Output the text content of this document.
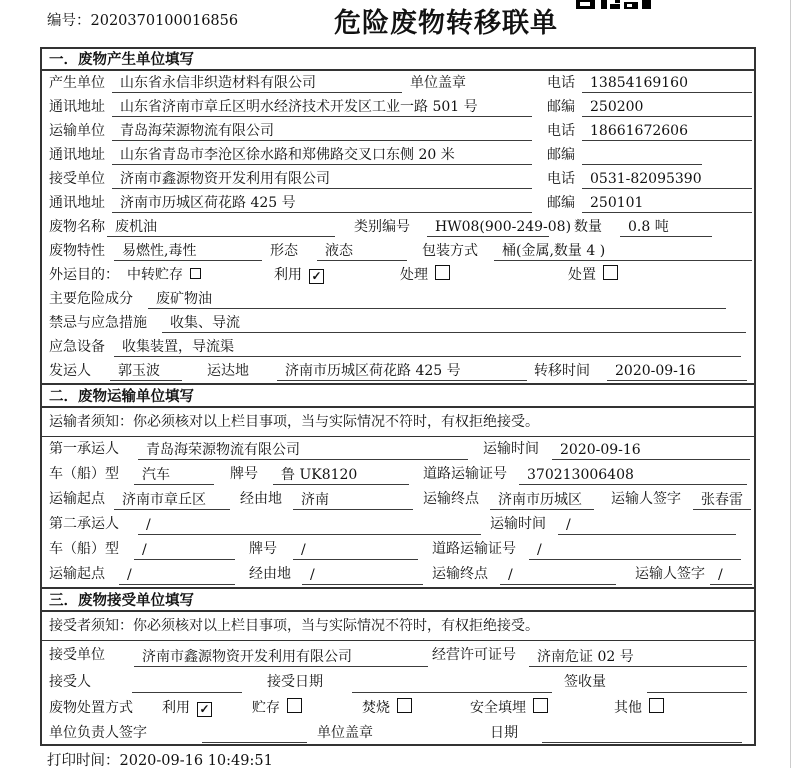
编号：2020370100016856	危险废物转移联单
一．废物产生单位填写
产生单位	山东省永信非织造材料有限公司	单位盖章	电话	13854169160
通讯地址	山东省济南市章丘区明水经济技术开发区工业一路 501 号	邮编	250200
运输单位	青岛海荣源物流有限公司	电话	18661672606
通讯地址	山东省青岛市李沧区徐水路和郑佛路交叉口东侧 20 米	邮编
接受单位	济南市鑫源物资开发利用有限公司	电话	0531-82095390
通讯地址	济南市历城区荷花路 425 号	邮编	250101
废物名称 废机油	类别编号	HW08(900-249-08) 数量	0.8 吨
废物特性	易燃性,毒性	形态	液态	包装方式	桶(金属,数量 4 )
外运目的： 中转贮存	利用 ✓	处理	处置
主要危险成分	废矿物油
禁忌与应急措施	收集、导流
应急设备	收集装置，导流渠
发运人	郭玉波	运达地	济南市历城区荷花路 425 号	转移时间	2020-09-16
二．废物运输单位填写
运输者须知：你必须核对以上栏目事项，当与实际情况不符时，有权拒绝接受。
第一承运人	青岛海荣源物流有限公司	运输时间	2020-09-16
车（船）型	汽车	牌号	鲁 UK8120	道路运输证号	370213006408
运输起点	济南市章丘区	经由地	济南	运输终点	济南市历城区	运输人签字	张春雷
第二承运人	/	运输时间	/
车（船）型	/	牌号	/	道路运输证号	/
运输起点	/	经由地	/	运输终点	/	运输人签字 /
三．废物接受单位填写
接受者须知：你必须核对以上栏目事项，当与实际情况不符时，有权拒绝接受。
接受单位	济南市鑫源物资开发利用有限公司	经营许可证号	济南危证 02 号
接受人	接受日期	签收量
废物处置方式 利用 ✓	贮存	焚烧	安全填埋	其他
单位负责人签字	单位盖章	日期
打印时间：2020-09-16 10:49:51
